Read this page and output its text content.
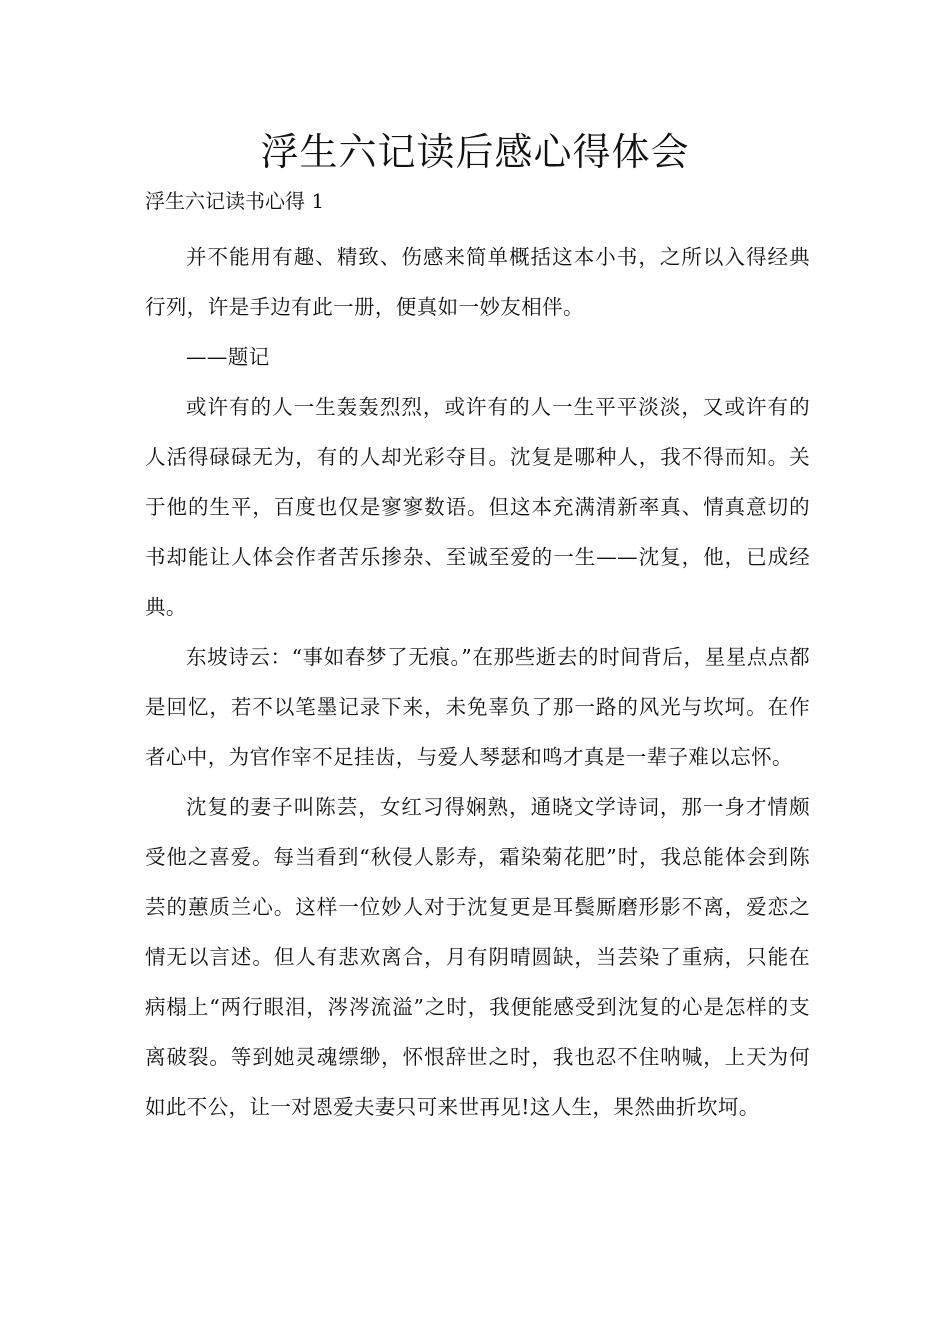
浮生六记读后感心得体会

浮生六记读书心得 1

并不能用有趣、精致、伤感来简单概括这本小书，之所以入得经典行列，许是手边有此一册，便真如一妙友相伴。

——题记

或许有的人一生轰轰烈烈，或许有的人一生平平淡淡，又或许有的人活得碌碌无为，有的人却光彩夺目。沈复是哪种人，我不得而知。关于他的生平，百度也仅是寥寥数语。但这本充满清新率真、情真意切的书却能让人体会作者苦乐掺杂、至诚至爱的一生——沈复，他，已成经典。

东坡诗云：“事如春梦了无痕。”在那些逝去的时间背后，星星点点都是回忆，若不以笔墨记录下来，未免辜负了那一路的风光与坎坷。在作者心中，为官作宰不足挂齿，与爱人琴瑟和鸣才真是一辈子难以忘怀。

沈复的妻子叫陈芸，女红习得娴熟，通晓文学诗词，那一身才情颇受他之喜爱。每当看到“秋侵人影寿，霜染菊花肥”时，我总能体会到陈芸的蕙质兰心。这样一位妙人对于沈复更是耳鬓厮磨形影不离，爱恋之情无以言述。但人有悲欢离合，月有阴晴圆缺，当芸染了重病，只能在病榻上“两行眼泪，涔涔流溢”之时，我便能感受到沈复的心是怎样的支离破裂。等到她灵魂缥缈，怀恨辞世之时，我也忍不住呐喊，上天为何如此不公，让一对恩爱夫妻只可来世再见!这人生，果然曲折坎坷。
